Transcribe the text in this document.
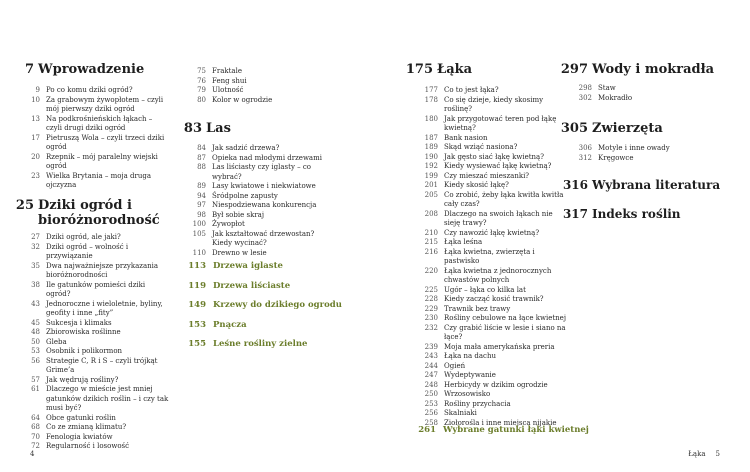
7 Wprowadzenie
9 Po co komu dziki ogród?
10 Za grabowym żywopłotem – czyli mój pierwszy dziki ogród
13 Na podkrośnieńskich łąkach – czyli drugi dziki ogród
17 Pietruszą Wola – czyli trzeci dziki ogród
20 Rzepnik – mój paralelny wiejski ogród
23 Wielka Brytania – moja druga ojczyzna
25 Dziki ogród i bioróżnorodność
27 Dziki ogród, ale jaki?
32 Dziki ogród – wolność i przywiązanie
35 Dwa najważniejsze przykazania bioróżnorodności
38 Ile gatunków pomieści dziki ogród?
43 Jednoroczne i wieloletnie, byliny, geofity i inne „fity”
45 Sukcesja i klimaks
48 Zbiorowiska roślinne
50 Gleba
53 Osobnik i polikormon
56 Strategie C, R i S – czyli trójkąt Grime’a
57 Jak wędrują rośliny?
61 Dlaczego w mieście jest mniej gatunków dzikich roślin – i czy tak musi być?
64 Obce gatunki roślin
68 Co ze zmianą klimatu?
70 Fenologia kwiatów
72 Regularność i losowość
75 Fraktale
76 Feng shui
79 Ulotność
80 Kolor w ogrodzie
83 Las
84 Jak sadzić drzewa?
87 Opieka nad młodymi drzewami
88 Las liściasty czy iglasty – co wybrać?
89 Lasy kwiatowe i niekwiatowe
94 Śródpolne zapusty
97 Niespodziewana konkurencja
98 Był sobie skraj
100 Żywopłot
105 Jak kształtować drzewostan? Kiedy wycinać?
110 Drewno w lesie
113 Drzewa iglaste
119 Drzewa liściaste
149 Krzewy do dzikiego ogrodu
153 Pnącza
155 Leśne rośliny zielne
175 Łąka
177 Co to jest łąka?
178 Co się dzieje, kiedy skosimy roślinę?
180 Jak przygotować teren pod łąkę kwietną?
187 Bank nasion
189 Skąd wziąć nasiona?
190 Jak gęsto siać łąkę kwietną?
192 Kiedy wysiewać łąkę kwietną?
199 Czy mieszać mieszanki?
201 Kiedy skosić łąkę?
205 Co zrobić, żeby łąka kwitła kwitła cały czas?
208 Dlaczego na swoich łąkach nie sieję trawy?
210 Czy nawozić łąkę kwietną?
215 Łąka leśna
216 Łąka kwietna, zwierzęta i pastwisko
220 Łąka kwietna z jednorocznych chwastów polnych
225 Ugór – łąka co kilka lat
228 Kiedy zacząć kosić trawnik?
229 Trawnik bez trawy
230 Rośliny cebulowe na łące kwietnej
232 Czy grabić liście w lesie i siano na łące?
239 Moja mała amerykańska preria
243 Łąka na dachu
244 Ogień
247 Wydeptywanie
248 Herbicydy w dzikim ogrodzie
250 Wrzosowisko
253 Rośliny przychacia
256 Skalniaki
258 Ziołorośla i inne miejsca nijakie
261 Wybrane gatunki łąki kwietnej
297 Wody i mokradła
298 Staw
302 Mokradło
305 Zwierzęta
306 Motyle i inne owady
312 Kręgowce
316 Wybrana literatura
317 Indeks roślin
4	Łąka 5
